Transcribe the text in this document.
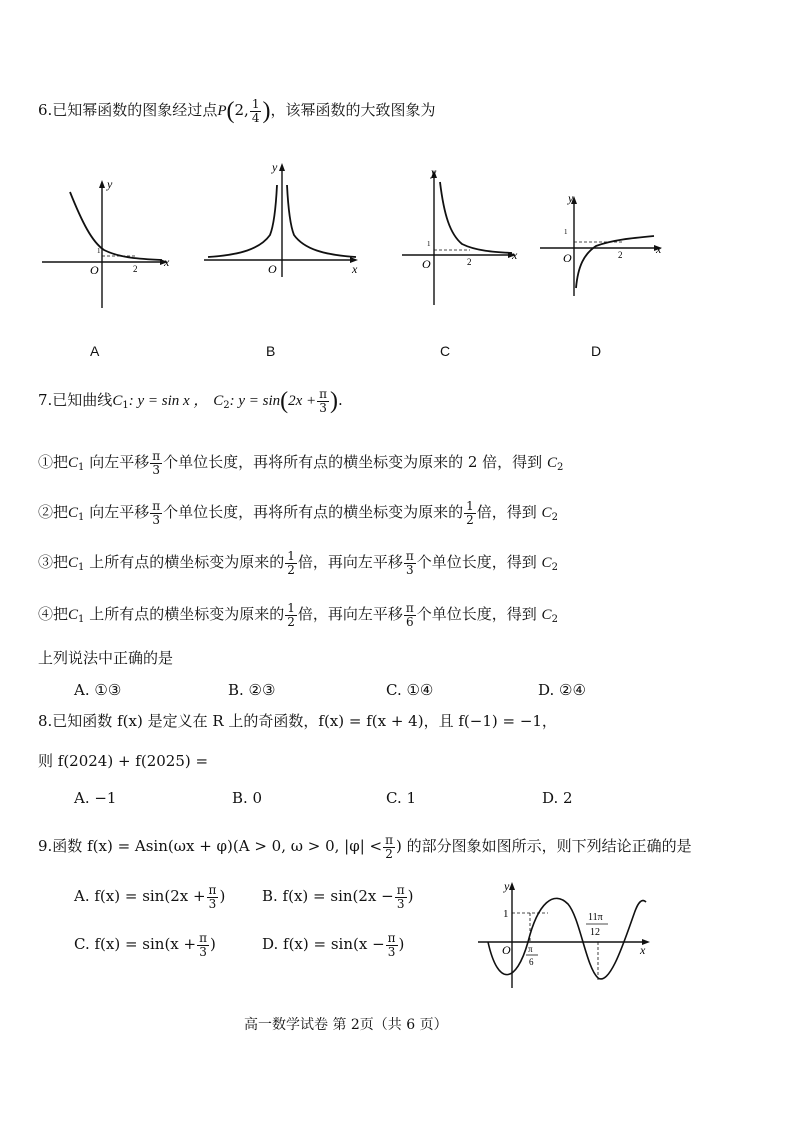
6.已知幂函数的图象经过点P(2, $\frac{1}{4}$ )，该幂函数的大致图象为
y
x
O
1
2
A
y
x
O
B
y
x
O
1
2
C
y
x
O
1
2
D
7.已知曲线$C_1$: y = sin x ， $C_2$: $y = \sin(2x + \frac{\pi}{3}$ ).
①把$C_1$ 向左平移 $\frac{\pi}{3}$ 个单位长度，再将所有点的横坐标变为原来的 2 倍，得到 $C_2$
②把$C_1$ 向左平移 $\frac{\pi}{3}$ 个单位长度，再将所有点的横坐标变为原来的 $\frac{1}{2}$ 倍，得到 $C_2$
③把$C_1$ 上所有点的横坐标变为原来的 $\frac{1}{2}$ 倍，再向左平移 $\frac{\pi}{3}$ 个单位长度，得到 $C_2$
④把$C_1$ 上所有点的横坐标变为原来的 $\frac{1}{2}$ 倍，再向左平移 $\frac{\pi}{6}$ 个单位长度，得到 $C_2$
上列说法中正确的是
A. ①③	B. ②③	C. ①④	D. ②④
8.已知函数 f(x) 是定义在 R 上的奇函数，f(x) = f(x + 4)，且 f(−1) = −1，
则 f(2024) + f(2025) =
A. −1	B. 0	C. 1	D. 2
9.函数 f(x) = Asin(ωx + φ)(A > 0, ω > 0, $|\varphi| < \frac{\pi}{2}$ ) 的部分图象如图所示，则下列结论正确的是
A. $f(x) = \sin(2x + \frac{\pi}{3}$ ) B. $f(x) = \sin(2x - \frac{\pi}{3}$ )
C. $f(x) = \sin(x + \frac{\pi}{3}$ )	D. $f(x) = \sin(x - \frac{\pi}{3}$ )
y
x
O
1
π
6
11π
12
高一数学试卷 第 2页（共 6 页）
